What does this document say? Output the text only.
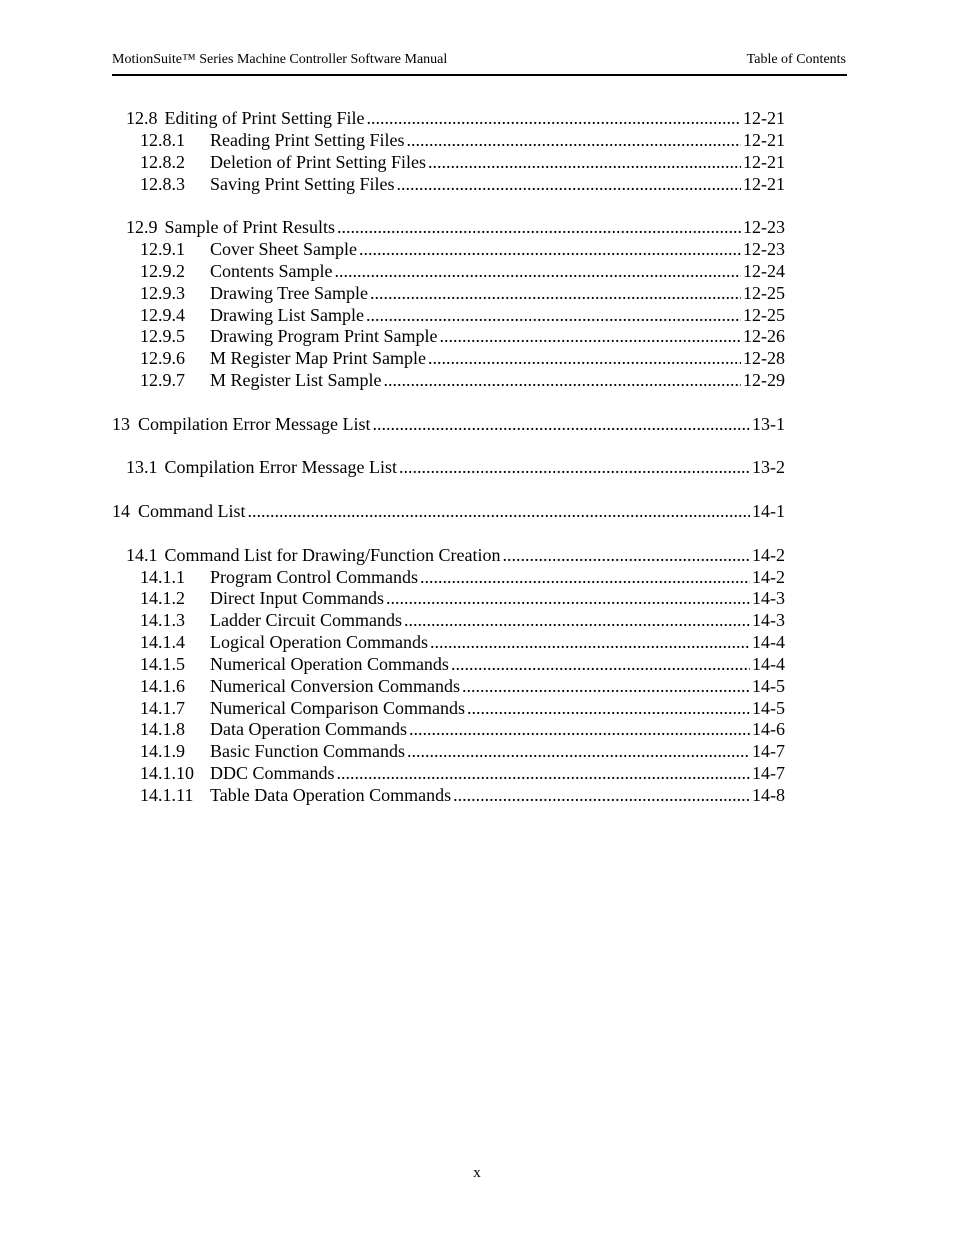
MotionSuite™ Series Machine Controller Software Manual	Table of Contents
12.8 Editing of Print Setting File .....	12-21
12.8.1	Reading Print Setting Files .....	12-21
12.8.2	Deletion of Print Setting Files .....	12-21
12.8.3	Saving Print Setting Files .....	12-21
12.9 Sample of Print Results .....	12-23
12.9.1	Cover Sheet Sample .....	12-23
12.9.2	Contents Sample .....	12-24
12.9.3	Drawing Tree Sample .....	12-25
12.9.4	Drawing List Sample .....	12-25
12.9.5	Drawing Program Print Sample .....	12-26
12.9.6	M Register Map Print Sample .....	12-28
12.9.7	M Register List Sample .....	12-29
13 Compilation Error Message List .....	13-1
13.1 Compilation Error Message List .....	13-2
14 Command List .....	14-1
14.1 Command List for Drawing/Function Creation .....	14-2
14.1.1	Program Control Commands .....	14-2
14.1.2	Direct Input Commands .....	14-3
14.1.3	Ladder Circuit Commands .....	14-3
14.1.4	Logical Operation Commands .....	14-4
14.1.5	Numerical Operation Commands .....	14-4
14.1.6	Numerical Conversion Commands .....	14-5
14.1.7	Numerical Comparison Commands .....	14-5
14.1.8	Data Operation Commands .....	14-6
14.1.9	Basic Function Commands .....	14-7
14.1.10 DDC Commands .....	14-7
14.1.11 Table Data Operation Commands .....	14-8
x
